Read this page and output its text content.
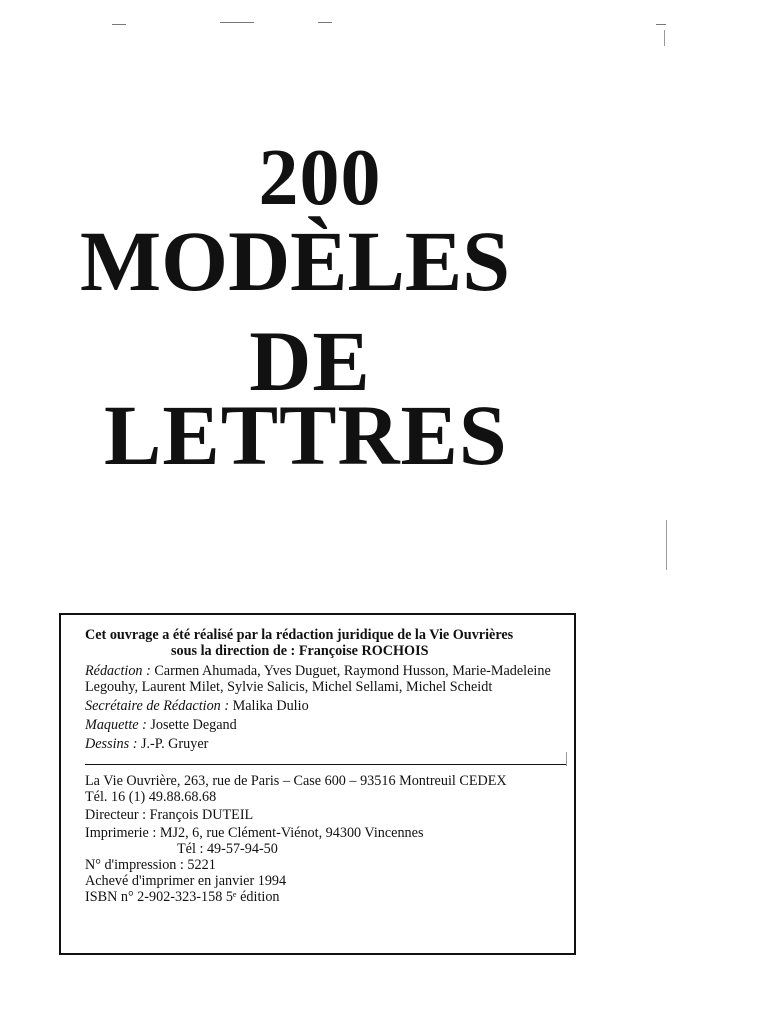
200
MODÈLES
DE
LETTRES

Cet ouvrage a été réalisé par la rédaction juridique de la Vie Ouvrières

sous la direction de : Françoise ROCHOIS

Rédaction : Carmen Ahumada, Yves Duguet, Raymond Husson, Marie-Madeleine Legouhy, Laurent Milet, Sylvie Salicis, Michel Sellami, Michel Scheidt

Secrétaire de Rédaction : Malika Dulio

Maquette : Josette Degand

Dessins : J.-P. Gruyer

La Vie Ouvrière, 263, rue de Paris – Case 600 – 93516 Montreuil CEDEX

Tél. 16 (1) 49.88.68.68

Directeur : François DUTEIL

Imprimerie : MJ2, 6, rue Clément-Viénot, 94300 Vincennes

Tél : 49-57-94-50

N° d'impression : 5221

Achevé d'imprimer en janvier 1994

ISBN n° 2-902-323-158 5ᵉ édition
